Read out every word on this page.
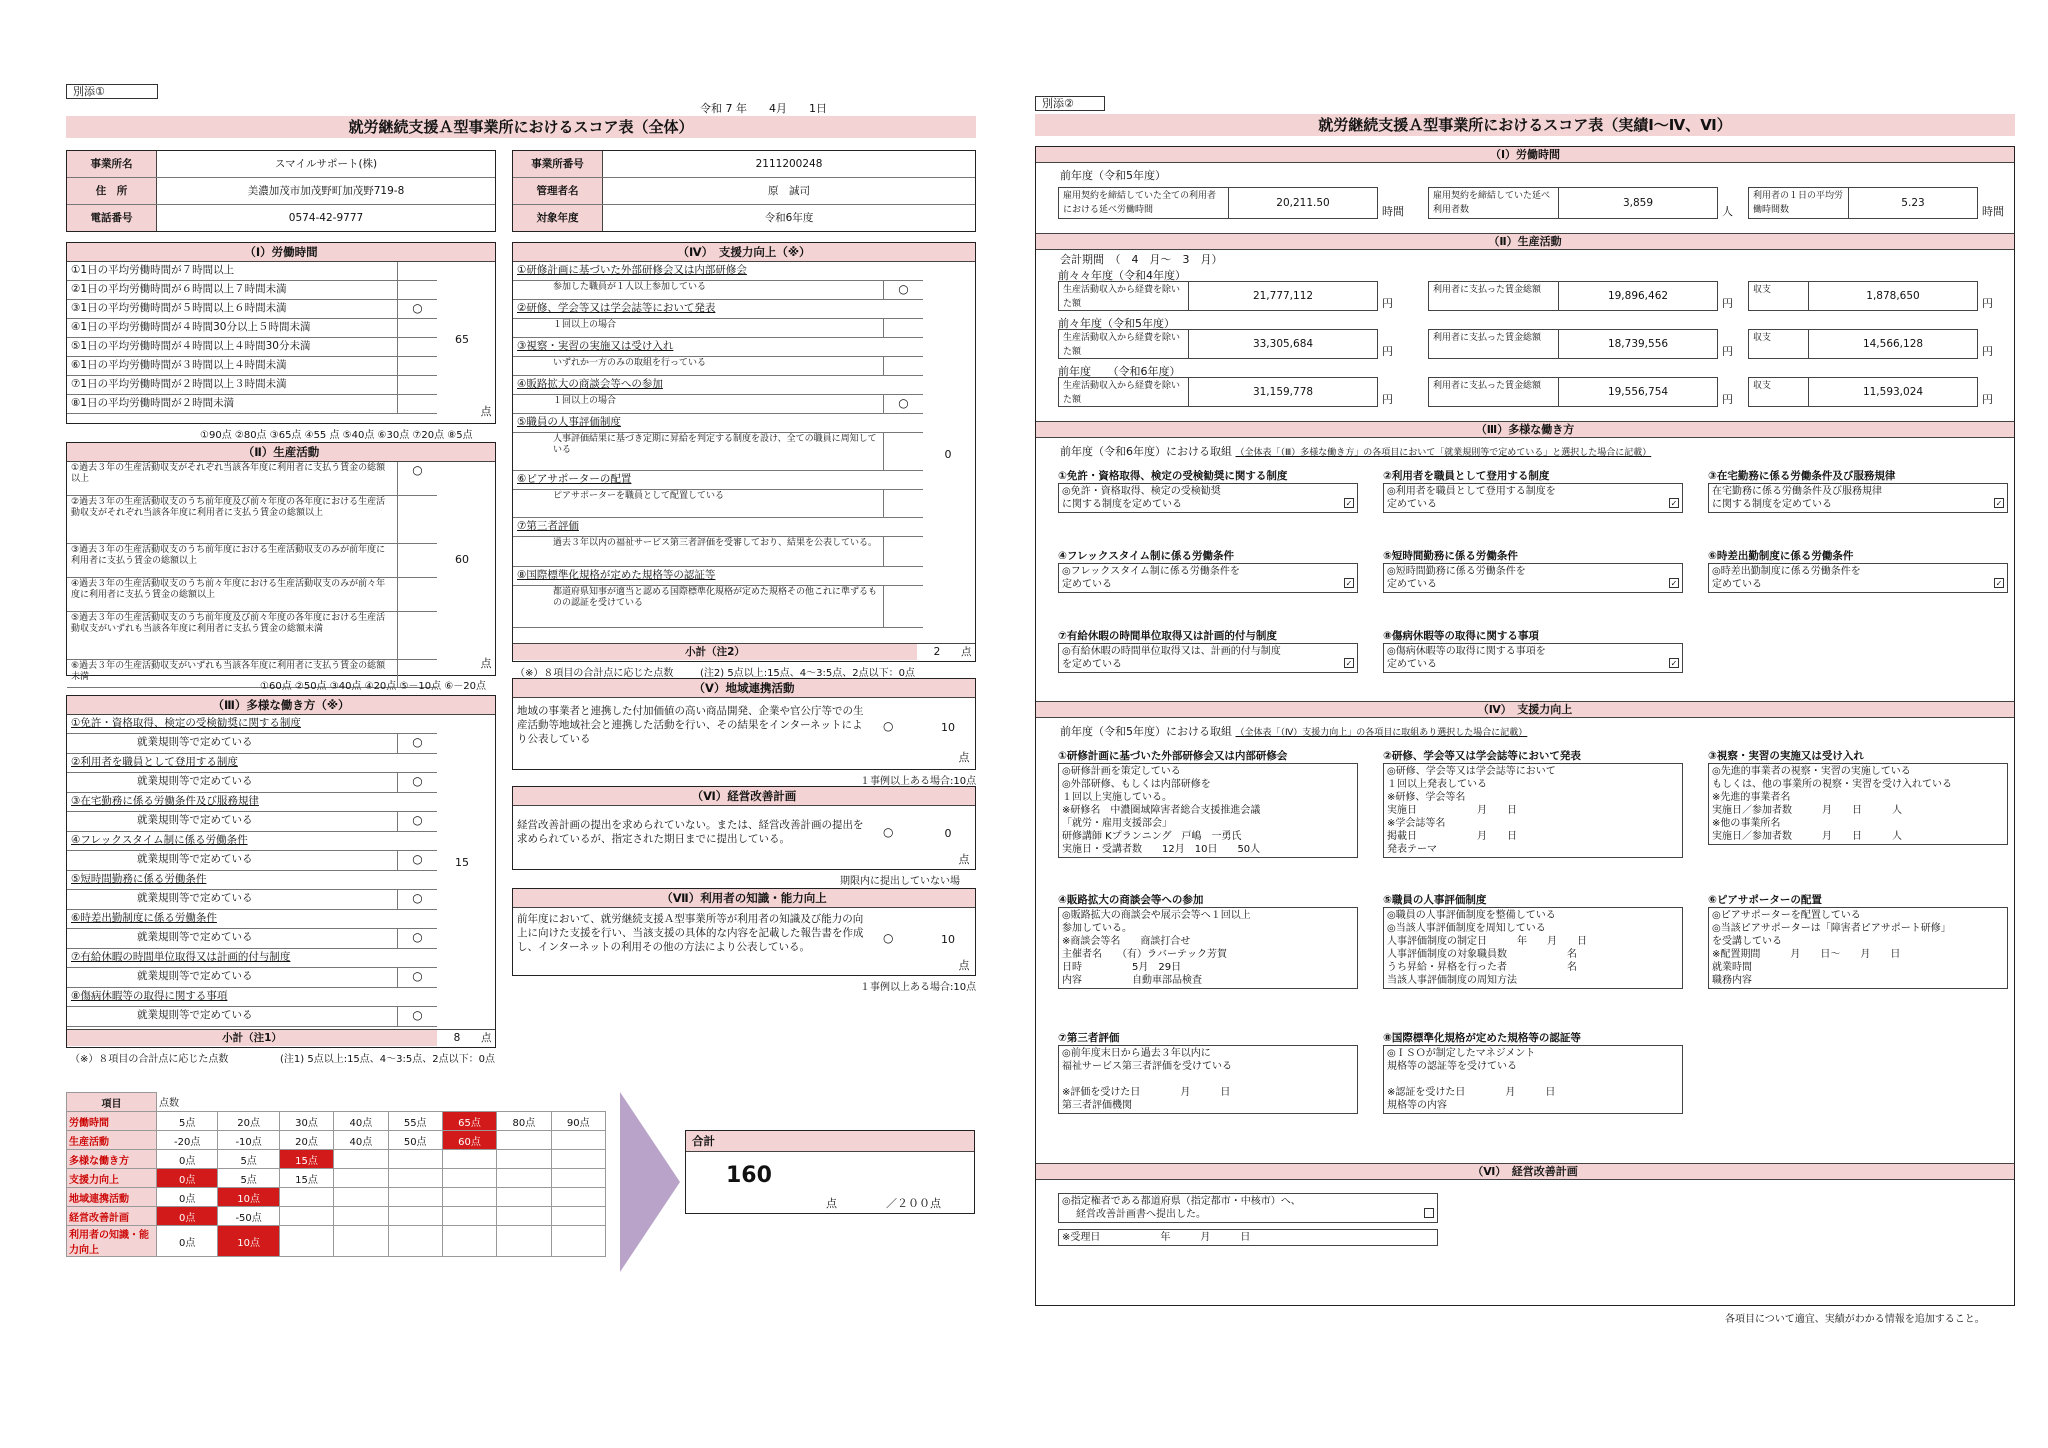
別添①
令和 7 年　　4月　　1日
就労継続支援Ａ型事業所におけるスコア表（全体）
事業所名	スマイルサポート(株)
住　所	美濃加茂市加茂野町加茂野719-8
電話番号	0574-42-9777
事業所番号	2111200248
管理者名	原　誠司
対象年度	令和6年度
（Ⅰ）労働時間
①1日の平均労働時間が７時間以上
②1日の平均労働時間が６時間以上７時間未満
③1日の平均労働時間が５時間以上６時間未満	○
④1日の平均労働時間が４時間30分以上５時間未満
⑤1日の平均労働時間が４時間以上４時間30分未満
⑥1日の平均労働時間が３時間以上４時間未満
⑦1日の平均労働時間が２時間以上３時間未満
⑧1日の平均労働時間が２時間未満
65
点
①90点 ②80点 ③65点 ④55 点 ⑤40点 ⑥30点 ⑦20点 ⑧5点
（Ⅱ）生産活動
①過去３年の生産活動収支がそれぞれ当該各年度に利用者に支払う賃金の総額以上
○
②過去３年の生産活動収支のうち前年度及び前々年度の各年度における生産活動収支がそれぞれ当該各年度に利用者に支払う賃金の総額以上
③過去３年の生産活動収支のうち前年度における生産活動収支のみが前年度に利用者に支払う賃金の総額以上
④過去３年の生産活動収支のうち前々年度における生産活動収支のみが前々年度に利用者に支払う賃金の総額以上
⑤過去３年の生産活動収支のうち前年度及び前々年度の各年度における生産活動収支がいずれも当該各年度に利用者に支払う賃金の総額未満
⑥過去３年の生産活動収支がいずれも当該各年度に利用者に支払う賃金の総額未満
60
点
①60点 ②50点 ③40点 ④20点 ⑤－10点 ⑥－20点
（Ⅲ）多様な働き方（※）
①免許・資格取得、検定の受検勧奨に関する制度
就業規則等で定めている	○
②利用者を職員として登用する制度
就業規則等で定めている	○
③在宅勤務に係る労働条件及び服務規律
就業規則等で定めている	○
④フレックスタイム制に係る労働条件
就業規則等で定めている	○
⑤短時間勤務に係る労働条件
就業規則等で定めている	○
⑥時差出勤制度に係る労働条件
就業規則等で定めている	○
⑦有給休暇の時間単位取得又は計画的付与制度
就業規則等で定めている	○
⑧傷病休暇等の取得に関する事項
就業規則等で定めている	○
15
小計（注1）	8	点
（※）８項目の合計点に応じた点数	(注1) 5点以上:15点、4～3:5点、2点以下：0点
（Ⅳ）　支援力向上（※）
①研修計画に基づいた外部研修会又は内部研修会
参加した職員が１人以上参加している	○
②研修、学会等又は学会誌等において発表
１回以上の場合
③視察・実習の実施又は受け入れ
いずれか一方のみの取組を行っている
④販路拡大の商談会等への参加
１回以上の場合	○
⑤職員の人事評価制度
人事評価結果に基づき定期に昇給を判定する制度を設け、全ての職員に周知している
⑥ピアサポーターの配置
ピアサポーターを職員として配置している
⑦第三者評価
過去３年以内の福祉サービス第三者評価を受審しており、結果を公表している。
⑧国際標準化規格が定めた規格等の認証等
都道府県知事が適当と認める国際標準化規格が定めた規格その他これに準ずるものの認証を受けている
0
小計（注2）	2	点
（※）８項目の合計点に応じた点数	(注2) 5点以上:15点、4～3:5点、2点以下：0点
（Ⅴ）地域連携活動
地域の事業者と連携した付加価値の高い商品開発、企業や官公庁等での生産活動等地域社会と連携した活動を行い、その結果をインターネットにより公表している
○	10
点
１事例以上ある場合:10点
（Ⅵ）経営改善計画
経営改善計画の提出を求められていない。または、経営改善計画の提出を求められているが、指定された期日までに提出している。	○	0
点
期限内に提出していない場
（Ⅶ）利用者の知識・能力向上
前年度において、就労継続支援Ａ型事業所等が利用者の知識及び能力の向上に向けた支援を行い、当該支援の具体的な内容を記載した報告書を作成し、インターネットの利用その他の方法により公表している。
○	10
点
１事例以上ある場合:10点
項目	点数							
労働時間	5点	20点	30点	40点	55点	65点	80点	90点
生産活動	-20点	-10点	20点	40点	50点	60点		
多様な働き方	0点	5点	15点					
支援力向上	0点	5点	15点					
地域連携活動	0点	10点						
経営改善計画	0点	-50点						
利用者の知識・能力向上	0点	10点						
合計
160
点	／２００点
別添②
就労継続支援Ａ型事業所におけるスコア表（実績Ⅰ～Ⅳ、Ⅵ）
（Ⅰ）労働時間
前年度（令和5年度）
雇用契約を締結していた全ての利用者における延べ労働時間
20,211.50
時間
雇用契約を締結していた延べ利用者数
3,859
人
利用者の１日の平均労働時間数
5.23
時間
（Ⅱ）生産活動
会計期間　（　4　月～　3　月）
前々々年度（令和4年度）
生産活動収入から経費を除いた額
21,777,112
円
利用者に支払った賃金総額	19,896,462
円
収支	1,878,650
円
前々年度（令和5年度）
生産活動収入から経費を除いた額
33,305,684
円
利用者に支払った賃金総額	18,739,556
円
収支	14,566,128
円
前年度　　（令和6年度）
生産活動収入から経費を除いた額
31,159,778
円
利用者に支払った賃金総額	19,556,754
円
収支	11,593,024
円
（Ⅲ）多様な働き方
前年度（令和6年度）における取組 （全体表「（Ⅲ）多様な働き方」の各項目において「就業規則等で定めている」と選択した場合に記載）
①免許・資格取得、検定の受検勧奨に関する制度
◎免許・資格取得、検定の受検勧奨
に関する制度を定めている	✓
②利用者を職員として登用する制度
◎利用者を職員として登用する制度を
定めている	✓
③在宅勤務に係る労働条件及び服務規律
在宅勤務に係る労働条件及び服務規律
に関する制度を定めている	✓
④フレックスタイム制に係る労働条件
◎フレックスタイム制に係る労働条件を
定めている	✓
⑤短時間勤務に係る労働条件
◎短時間勤務に係る労働条件を
定めている	✓
⑥時差出勤制度に係る労働条件
◎時差出勤制度に係る労働条件を
定めている	✓
⑦有給休暇の時間単位取得又は計画的付与制度
◎有給休暇の時間単位取得又は、計画的付与制度
を定めている	✓
⑧傷病休暇等の取得に関する事項
◎傷病休暇等の取得に関する事項を
定めている	✓
（Ⅳ）　支援力向上
前年度（令和5年度）における取組 （全体表「（Ⅳ）支援力向上」の各項目に取組あり選択した場合に記載）
①研修計画に基づいた外部研修会又は内部研修会
◎研修計画を策定している
◎外部研修、もしくは内部研修を
１回以上実施している。
※研修名　中濃圏域障害者総合支援推進会議
「就労・雇用支援部会」
研修講師 Kプランニング　戸嶋　一勇氏
実施日・受講者数　　12月　10日　　50人
②研修、学会等又は学会誌等において発表
◎研修、学会等又は学会誌等において
１回以上発表している
※研修、学会等名
実施日　　　　　　月　　日
※学会誌等名
掲載日　　　　　　月　　日
発表テーマ
③視察・実習の実施又は受け入れ
◎先進的事業者の視察・実習の実施している
もしくは、他の事業所の視察・実習を受け入れている
※先進的事業者名
実施日／参加者数　　　月　　日　　　人
※他の事業所名
実施日／参加者数　　　月　　日　　　人
④販路拡大の商談会等への参加
◎販路拡大の商談会や展示会等へ１回以上
参加している。
※商談会等名　　商談打合せ
主催者名　　（有）ラバーテック芳賀
日時　　　　　5月　29日
内容　　　　　自動車部品検査
⑤職員の人事評価制度
◎職員の人事評価制度を整備している
◎当該人事評価制度を周知している
人事評価制度の制定日　　　年　　月　　日
人事評価制度の対象職員数　　　　　　名
うち昇給・昇格を行った者　　　　　　名
当該人事評価制度の周知方法
⑥ピアサポーターの配置
◎ピアサポーターを配置している
◎当該ピアサポーターは「障害者ピアサポート研修」
を受講している
※配置期間　　　月　　日～　　月　　日
就業時間
職務内容
⑦第三者評価
◎前年度末日から過去３年以内に
福祉サービス第三者評価を受けている

※評価を受けた日　　　　月　　　日
第三者評価機関
⑧国際標準化規格が定めた規格等の認証等
◎ＩＳＯが制定したマネジメント
規格等の認証等を受けている

※認証を受けた日　　　　月　　　日
規格等の内容
（Ⅵ）　経営改善計画
◎指定権者である都道府県（指定都市・中核市）へ、
経営改善計画書へ提出した。
※受理日　　　　　　年　　　月　　　日
各項目について適宜、実績がわかる情報を追加すること。
